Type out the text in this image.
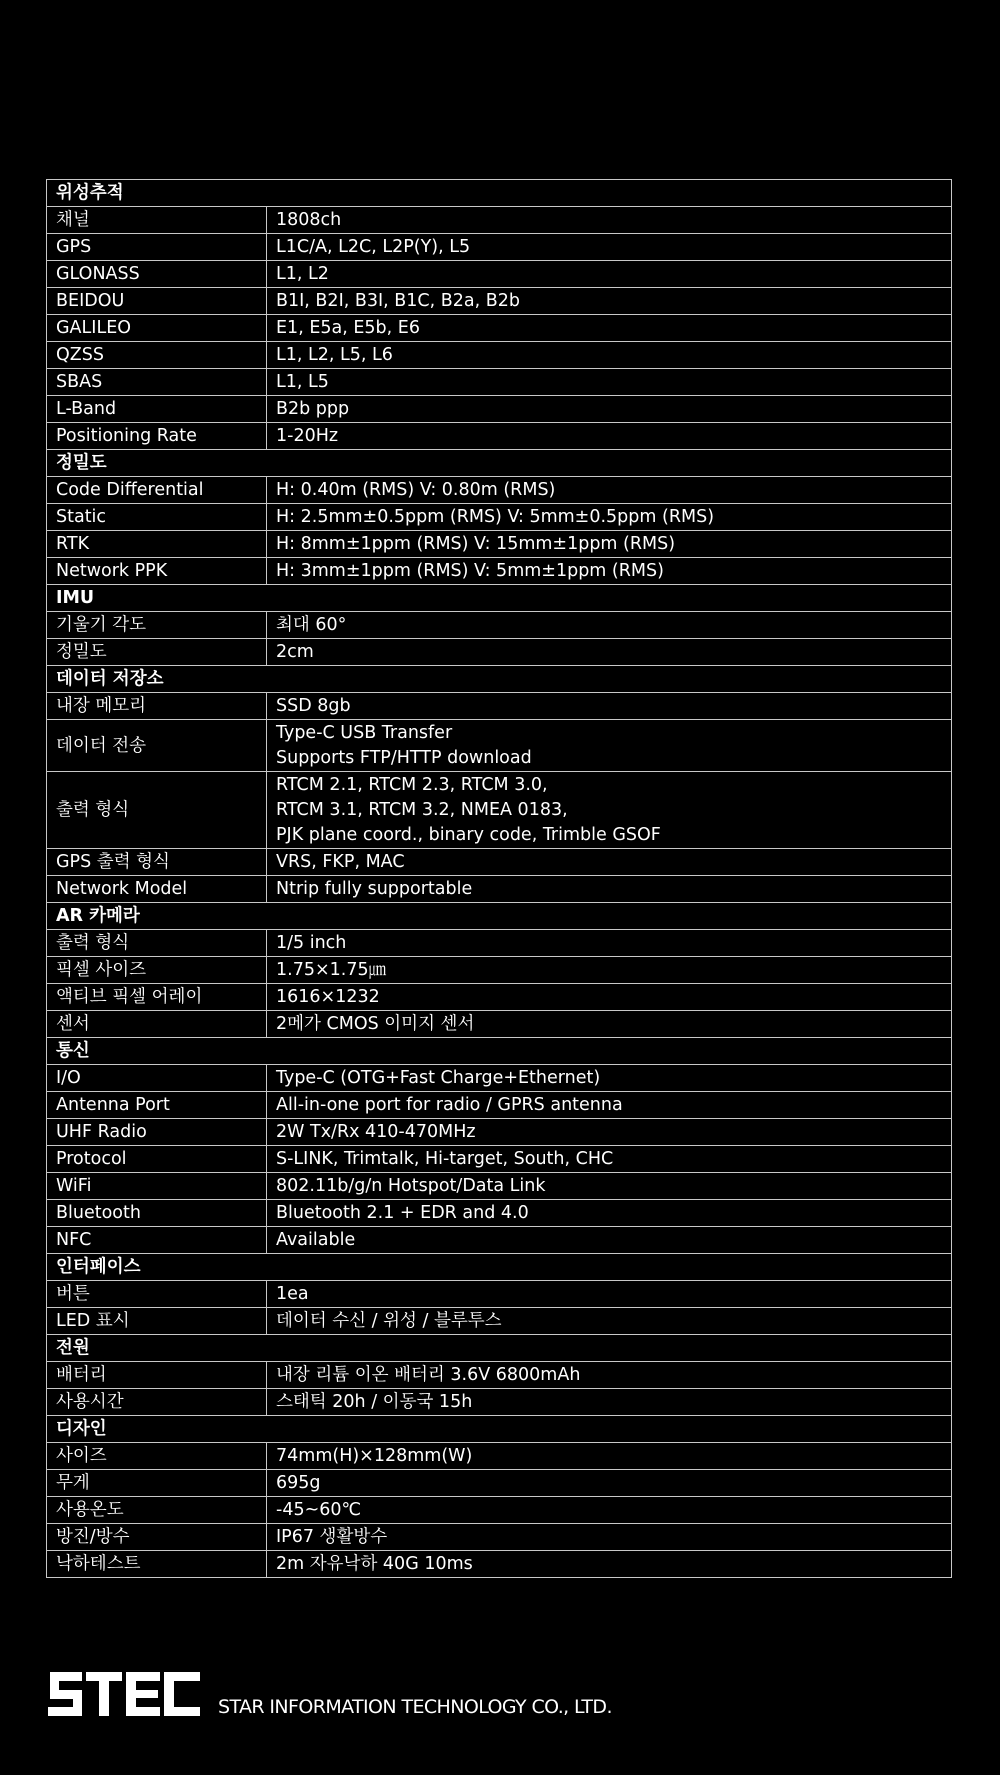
위성추적	
채널	1808ch

GPS	L1C/A, L2C, L2P(Y), L5

GLONASS	L1, L2

BEIDOU	B1I, B2I, B3I, B1C, B2a, B2b

GALILEO	E1, E5a, E5b, E6

QZSS	L1, L2, L5, L6

SBAS	L1, L5

L-Band	B2b ppp

Positioning Rate	1-20Hz

정밀도	
Code Differential	H: 0.40m (RMS) V: 0.80m (RMS)

Static	H: 2.5mm±0.5ppm (RMS) V: 5mm±0.5ppm (RMS)

RTK	H: 8mm±1ppm (RMS) V: 15mm±1ppm (RMS)

Network PPK	H: 3mm±1ppm (RMS) V: 5mm±1ppm (RMS)

IMU	
기울기 각도	최대 60°

정밀도	2cm

데이터 저장소	
내장 메모리	SSD 8gb

데이터 전송	Type-C USB Transfer
Supports FTP/HTTP download

출력 형식	RTCM 2.1, RTCM 2.3, RTCM 3.0,
RTCM 3.1, RTCM 3.2, NMEA 0183,
PJK plane coord., binary code, Trimble GSOF

GPS 출력 형식	VRS, FKP, MAC

Network Model	Ntrip fully supportable

AR 카메라	
출력 형식	1/5 inch

픽셀 사이즈	1.75×1.75㎛

액티브 픽셀 어레이	1616×1232

센서	2메가 CMOS 이미지 센서

통신	
I/O	Type-C (OTG+Fast Charge+Ethernet)

Antenna Port	All-in-one port for radio / GPRS antenna

UHF Radio	2W Tx/Rx 410-470MHz

Protocol	S-LINK, Trimtalk, Hi-target, South, CHC

WiFi	802.11b/g/n Hotspot/Data Link

Bluetooth	Bluetooth 2.1 + EDR and 4.0

NFC	Available

인터페이스	
버튼	1ea

LED 표시	데이터 수신 / 위성 / 블루투스

전원	
배터리	내장 리튬 이온 배터리 3.6V 6800mAh

사용시간	스태틱 20h / 이동국 15h

디자인	
사이즈	74mm(H)×128mm(W)

무게	695g

사용온도	-45~60℃

방진/방수	IP67 생활방수

낙하테스트	2m 자유낙하 40G 10ms
STAR INFORMATION TECHNOLOGY CO., LTD.
